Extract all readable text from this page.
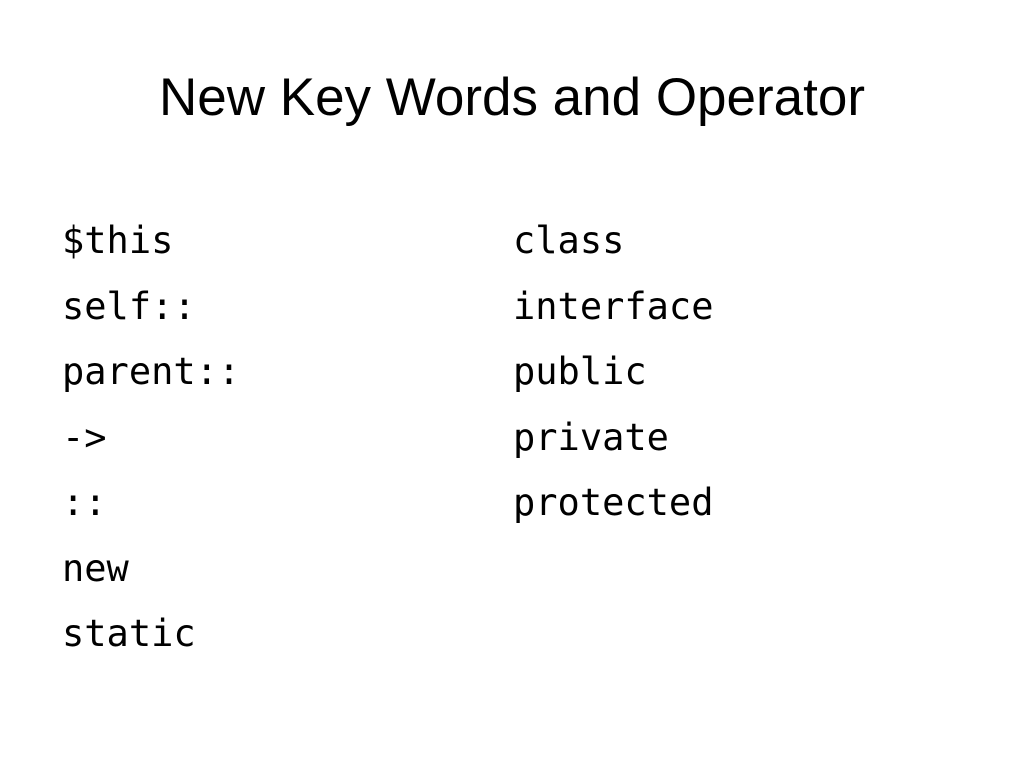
New Key Words and Operator
$this
self::
parent::
->
::
new
static
class
interface
public
private
protected
